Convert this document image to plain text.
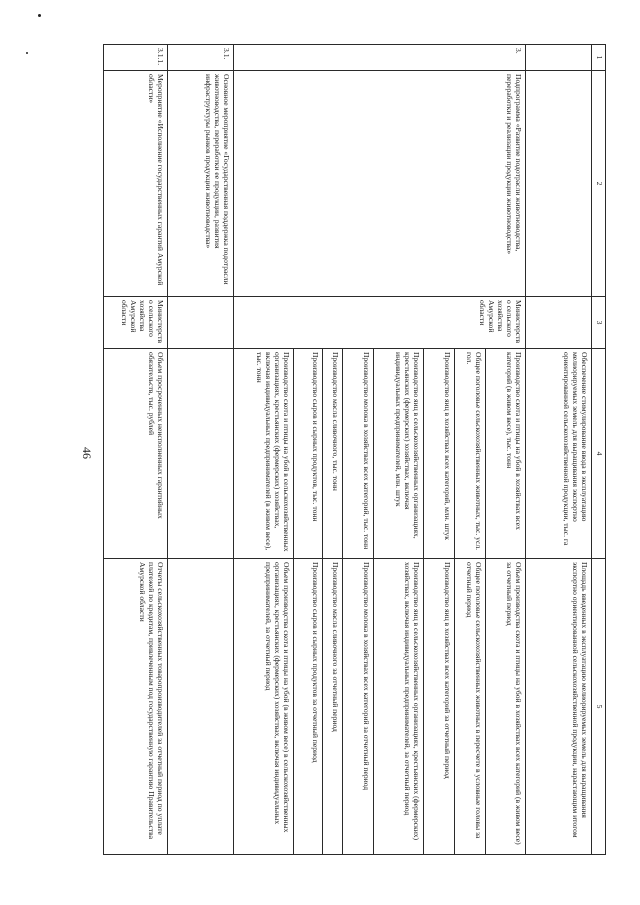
46
1	2	3	4	5
			Обеспечение стимулирование ввода в эксплуатацию мелиорируемых земель для выращивания экспортно ориентированной сельскохозяйственной продукции, тыс. га	Площадь введенных в эксплуатацию мелиорируемых земель для выращивания экспортно ориентированной сельскохозяйственной продукции, нарастающим итогом
3.	Подпрограмма «Развитие подотрасли животноводства, переработки и реализации продукции животноводства»	Министерство сельского хозяйства Амурской области	Производство скота и птицы на убой в хозяйствах всех категорий (в живом весе), тыс. тонн	Объем производства скота и птицы на убой в хозяйствах всех категорий (в живом весе) за отчетный период
			Общее поголовье сельскохозяйственных животных, тыс. усл. гол.	Общее поголовье сельскохозяйственных животных в пересчете в условные головы за отчетный период
			Производство яиц в хозяйствах всех категорий, млн. штук	Производство яиц в хозяйствах всех категорий за отчетный период
			Производство яиц в сельскохозяйственных организациях, крестьянских (фермерских) хозяйствах, включая индивидуальных предпринимателей, млн. штук	Производство яиц в сельскохозяйственных организациях, крестьянских (фермерских) хозяйствах, включая индивидуальных предпринимателей, за отчетный период
			Производство молока в хозяйствах всех категорий, тыс. тонн	Производство молока в хозяйствах всех категорий за отчетный период
			Производство масла сливочного, тыс. тонн	Производство масла сливочного за отчетный период
			Производство сыров и сырных продуктов, тыс. тонн	Производство сыров и сырных продуктов за отчетный период
			Производство скота и птицы на убой в сельскохозяйственных организациях, крестьянских (фермерских) хозяйствах, включая индивидуальных предпринимателей (в живом весе), тыс. тонн	Объем производства скота и птицы на убой (в живом весе) в сельскохозяйственных организациях, крестьянских (фермерских) хозяйствах, включая индивидуальных предпринимателей, за отчетный период
3.1.	Основное мероприятие «Государственная поддержка подотрасли животноводства, переработки ее продукции, развития инфраструктуры рынков продукции животноводства»			
3.1.1.	Мероприятие «Исполнение государственных гарантий Амурской области»	Министерство сельского хозяйства Амурской области	Объем просроченных неисполненных гарантийных обязательств, тыс. рублей	Отчеты сельскохозяйственных товаропроизводителей за отчетный период по уплате платежей по кредитам, привлеченным под государственную гарантию Правительства Амурской области
